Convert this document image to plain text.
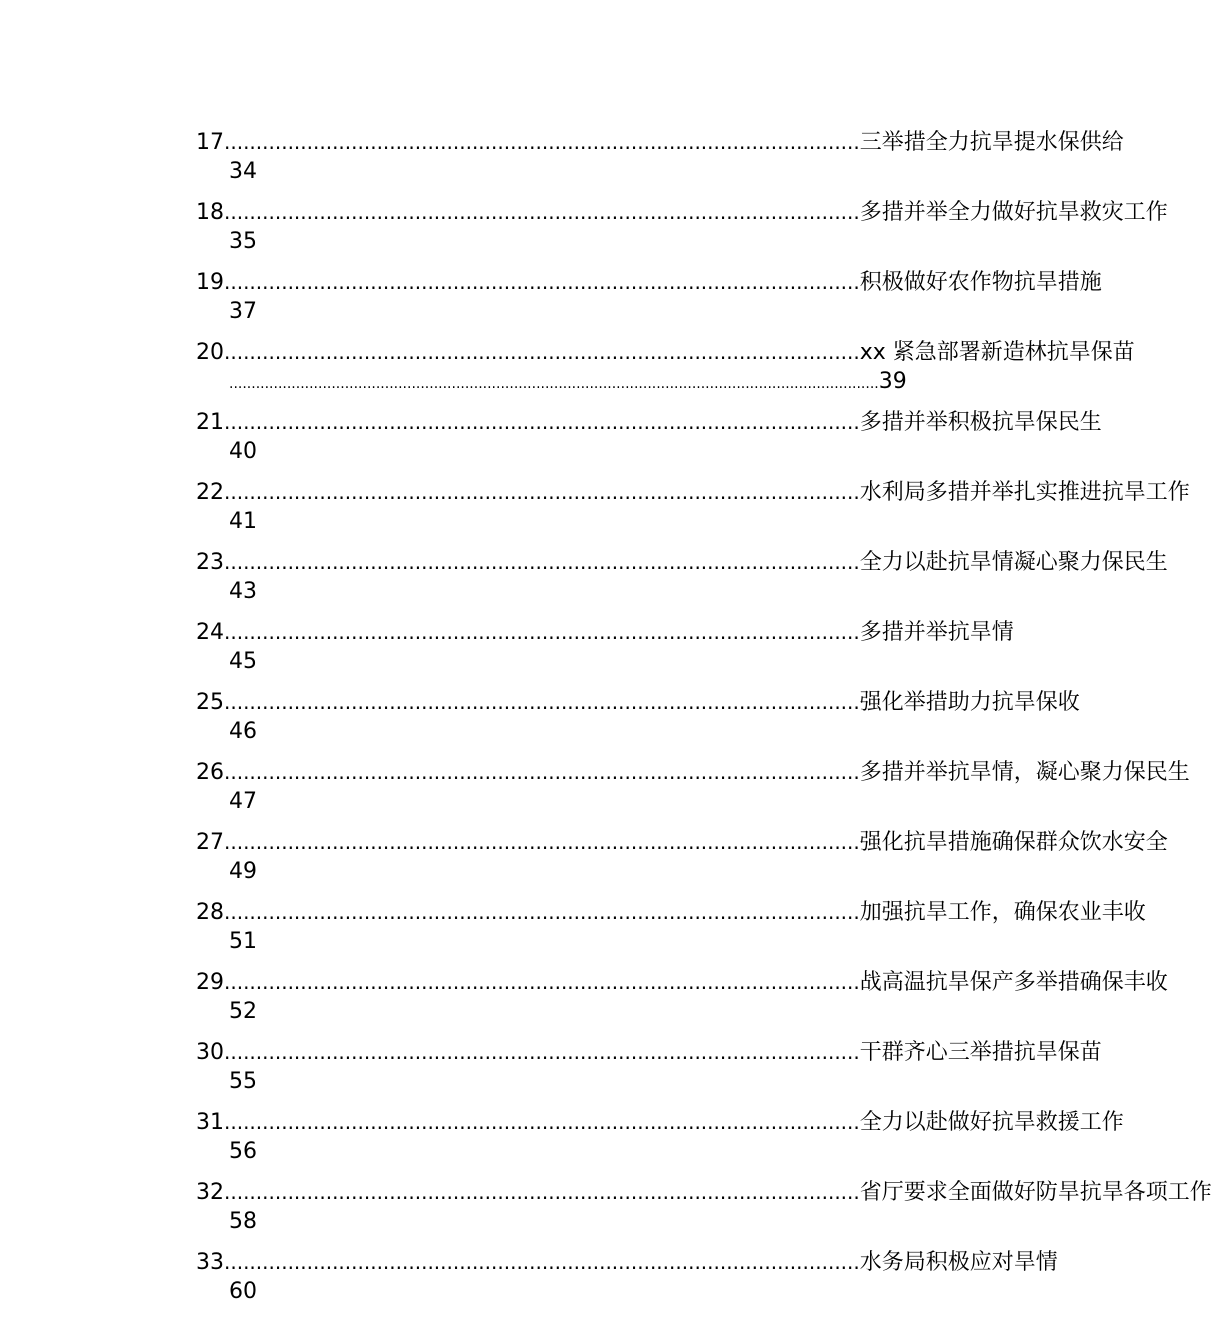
17 .................................................................................................... 三举措全力抗旱提水保供给
34
18 .................................................................................................... 多措并举全力做好抗旱救灾工作
35
19 .................................................................................................... 积极做好农作物抗旱措施
37
20 .................................................................................................... xx 紧急部署新造林抗旱保苗
.................................................................................................................................................. 39
21 .................................................................................................... 多措并举积极抗旱保民生
40
22 .................................................................................................... 水利局多措并举扎实推进抗旱工作
41
23 .................................................................................................... 全力以赴抗旱情凝心聚力保民生
43
24 .................................................................................................... 多措并举抗旱情
45
25 .................................................................................................... 强化举措助力抗旱保收
46
26 .................................................................................................... 多措并举抗旱情，凝心聚力保民生
47
27 .................................................................................................... 强化抗旱措施确保群众饮水安全
49
28 .................................................................................................... 加强抗旱工作，确保农业丰收
51
29 .................................................................................................... 战高温抗旱保产多举措确保丰收
52
30 .................................................................................................... 干群齐心三举措抗旱保苗
55
31 .................................................................................................... 全力以赴做好抗旱救援工作
56
32 .................................................................................................... 省厅要求全面做好防旱抗旱各项工作
58
33 .................................................................................................... 水务局积极应对旱情
60
